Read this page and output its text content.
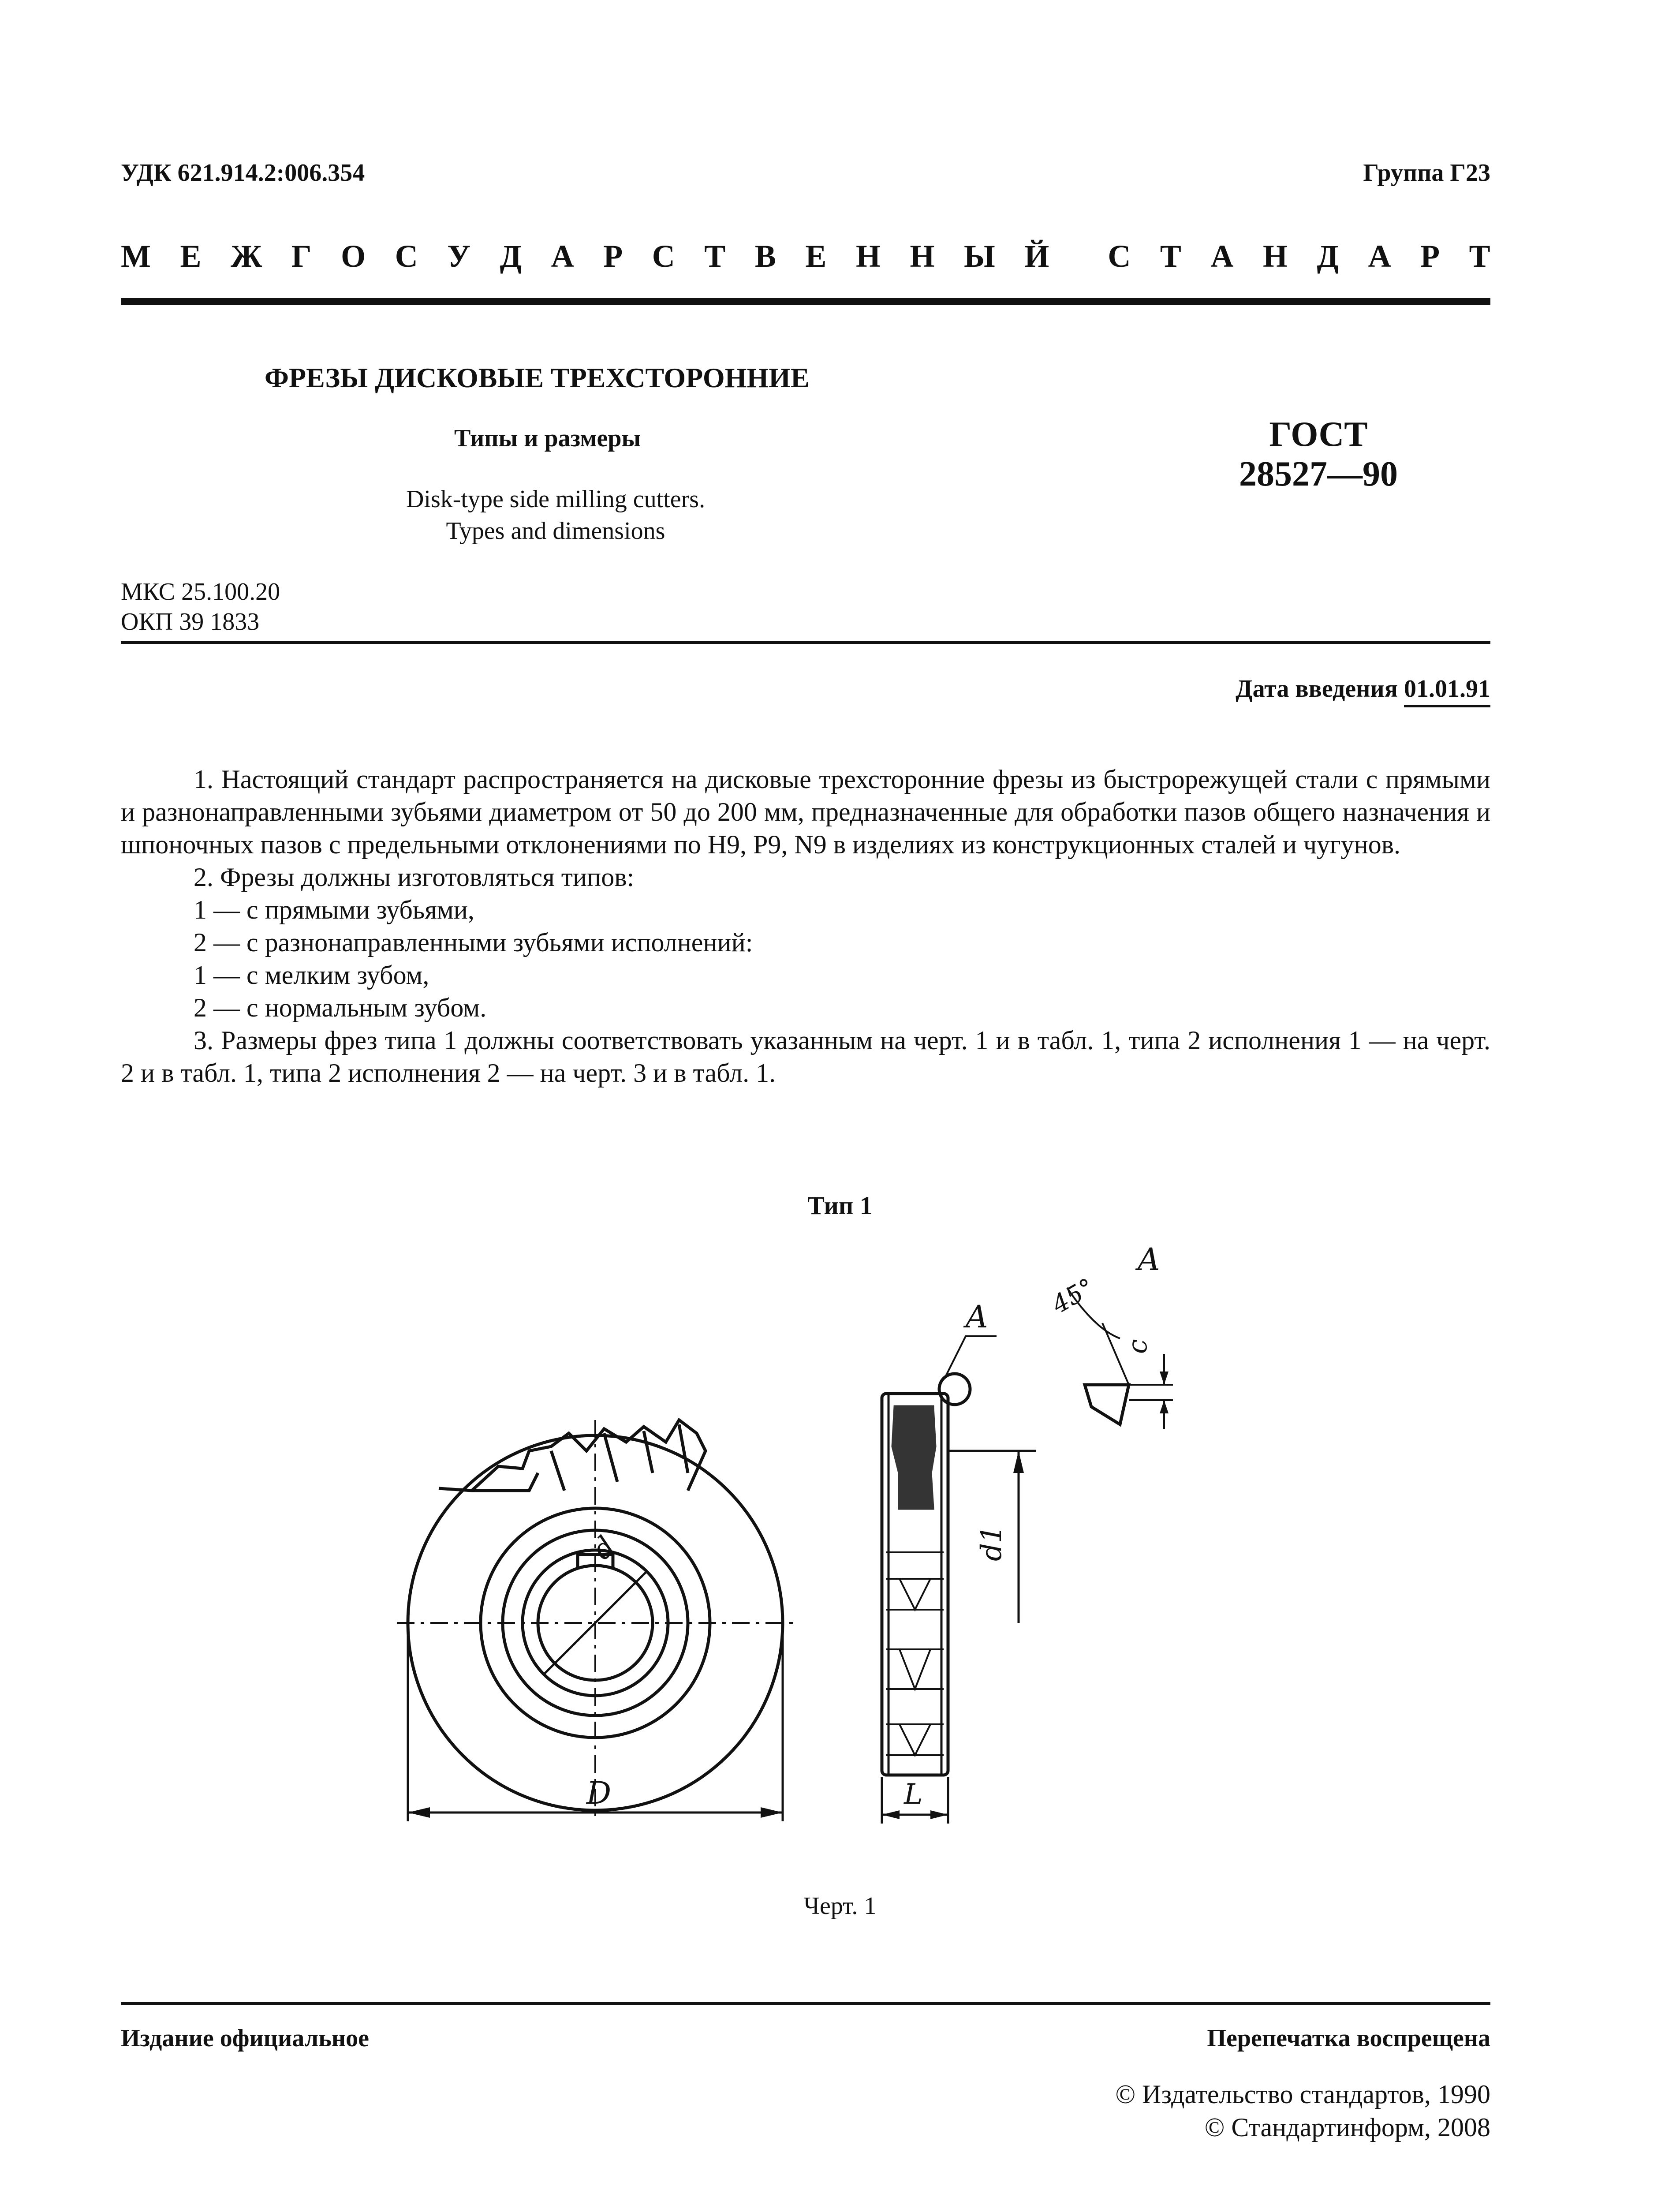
УДК 621.914.2:006.354	Группа Г23
М Е Ж Г О С У Д А Р С Т В Е Н Н Ы Й С Т А Н Д А Р Т
ФРЕЗЫ ДИСКОВЫЕ ТРЕХСТОРОННИЕ
Типы и размеры
Disk-type side milling cutters.
Types and dimensions
ГОСТ
28527—90
МКС 25.100.20
ОКП 39 1833
Дата введения 01.01.91

1. Настоящий стандарт распространяется на дисковые трехсторонние фрезы из быстрорежущей стали с прямыми и разнонаправленными зубьями диаметром от 50 до 200 мм, предназначенные для обработки пазов общего назначения и шпоночных пазов с предельными отклонениями по H9, P9, N9 в изделиях из конструкционных сталей и чугунов.

2. Фрезы должны изготовляться типов:

1 — с прямыми зубьями,

2 — с разнонаправленными зубьями исполнений:

1 — с мелким зубом,

2 — с нормальным зубом.

3. Размеры фрез типа 1 должны соответствовать указанным на черт. 1 и в табл. 1, типа 2 исполнения 1 — на черт. 2 и в табл. 1, типа 2 исполнения 2 — на черт. 3 и в табл. 1.

Тип 1
d
D
d1
L
A
A
45°
c
Черт. 1
Издание официальное	Перепечатка воспрещена
© Издательство стандартов, 1990
© Стандартинформ, 2008
